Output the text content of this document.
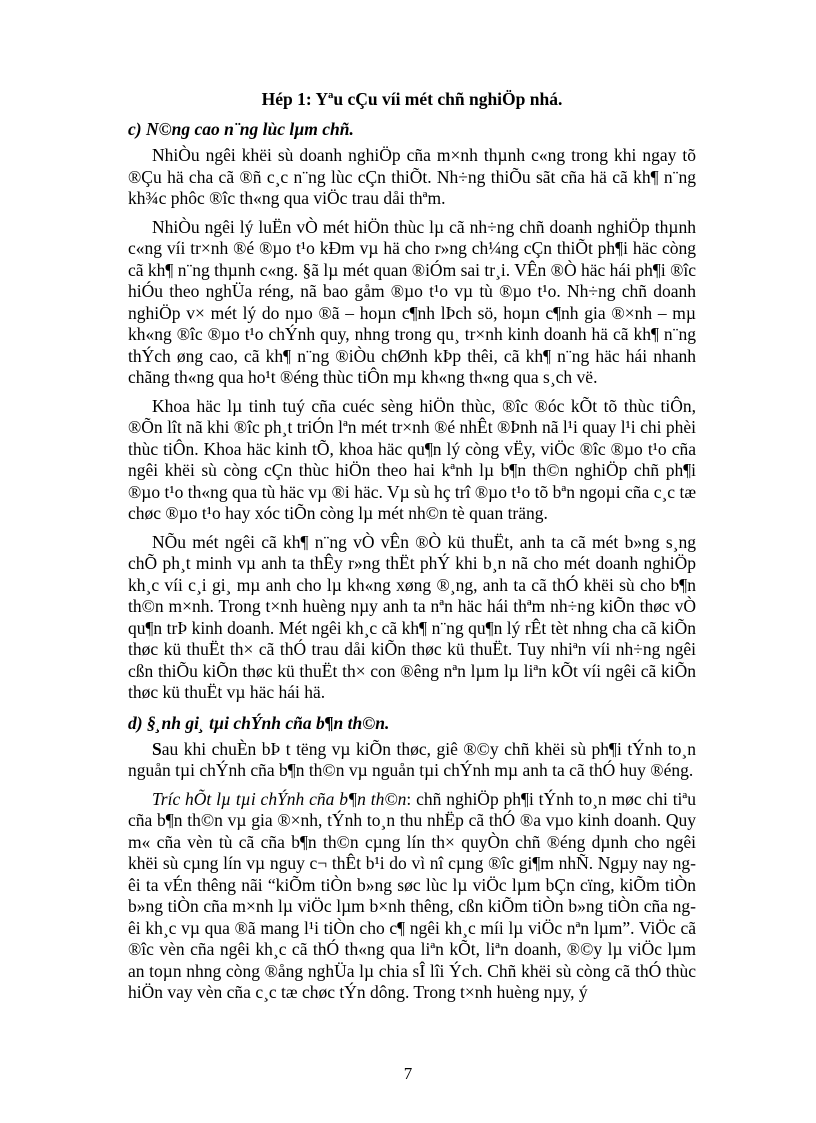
Hép 1: Yªu cÇu víi mét chñ nghiÖp nhá.
c) N©ng cao n¨ng lùc lµm chñ.

NhiÒu ngêi khëi sù doanh nghiÖp cña m×nh thµnh c«ng trong khi ngay tõ ®Çu hä cha cã ®ñ c¸c n¨ng lùc cÇn thiÕt. Nh÷ng thiÕu sãt cña hä cã kh¶ n¨ng kh¾c phôc ®îc th«ng qua viÖc trau dåi thªm.

NhiÒu ngêi lý luËn vÒ mét hiÖn thùc lµ cã nh÷ng chñ doanh nghiÖp thµnh c«ng víi tr×nh ®é ®µo t¹o kÐm vµ hä cho r»ng ch¼ng cÇn thiÕt ph¶i häc còng cã kh¶ n¨ng thµnh c«ng. §ã lµ mét quan ®iÓm sai tr¸i. VÊn ®Ò häc hái ph¶i ®îc hiÓu theo nghÜa réng, nã bao gåm ®µo t¹o vµ tù ®µo t¹o. Nh÷ng chñ doanh nghiÖp v× mét lý do nµo ®ã – hoµn c¶nh lÞch sö, hoµn c¶nh gia ®×nh – mµ kh«ng ®îc ®µo t¹o chÝnh quy, nhng trong qu¸ tr×nh kinh doanh hä cã kh¶ n¨ng thÝch øng cao, cã kh¶ n¨ng ®iÒu chØnh kÞp thêi, cã kh¶ n¨ng häc hái nhanh chãng th«ng qua ho¹t ®éng thùc tiÔn mµ kh«ng th«ng qua s¸ch vë.

Khoa häc lµ tinh tuý cña cuéc sèng hiÖn thùc, ®îc ®óc kÕt tõ thùc tiÔn, ®Õn lît nã khi ®îc ph¸t triÓn lªn mét tr×nh ®é nhÊt ®Þnh nã l¹i quay l¹i chi phèi thùc tiÔn. Khoa häc kinh tÕ, khoa häc qu¶n lý còng vËy, viÖc ®îc ®µo t¹o cña ngêi khëi sù còng cÇn thùc hiÖn theo hai kªnh lµ b¶n th©n nghiÖp chñ ph¶i ®µo t¹o th«ng qua tù häc vµ ®i häc. Vµ sù hç trî ®µo t¹o tõ bªn ngoµi cña c¸c tæ chøc ®µo t¹o hay xóc tiÕn còng lµ mét nh©n tè quan träng.

NÕu mét ngêi cã kh¶ n¨ng vÒ vÊn ®Ò kü thuËt, anh ta cã mét b»ng s¸ng chÕ ph¸t minh vµ anh ta thÊy r»ng thËt phÝ khi b¸n nã cho mét doanh nghiÖp kh¸c víi c¸i gi¸ mµ anh cho lµ kh«ng xøng ®¸ng, anh ta cã thÓ khëi sù cho b¶n th©n m×nh. Trong t×nh huèng nµy anh ta nªn häc hái thªm nh÷ng kiÕn thøc vÒ qu¶n trÞ kinh doanh. Mét ngêi kh¸c cã kh¶ n¨ng qu¶n lý rÊt tèt nhng cha cã kiÕn thøc kü thuËt th× cã thÓ trau dåi kiÕn thøc kü thuËt. Tuy nhiªn víi nh÷ng ngêi cßn thiÕu kiÕn thøc kü thuËt th× con ®êng nªn lµm lµ liªn kÕt víi ngêi cã kiÕn thøc kü thuËt vµ häc hái hä.

d) §¸nh gi¸ tµi chÝnh cña b¶n th©n.

Sau khi chuÈn bÞ t tëng vµ kiÕn thøc, giê ®©y chñ khëi sù ph¶i tÝnh to¸n nguån tµi chÝnh cña b¶n th©n vµ nguån tµi chÝnh mµ anh ta cã thÓ huy ®éng.

Tríc hÕt lµ tµi chÝnh cña b¶n th©n: chñ nghiÖp ph¶i tÝnh to¸n møc chi tiªu cña b¶n th©n vµ gia ®×nh, tÝnh to¸n thu nhËp cã thÓ ®a vµo kinh doanh. Quy m« cña vèn tù cã cña b¶n th©n cµng lín th× quyÒn chñ ®éng dµnh cho ngêi khëi sù cµng lín vµ nguy c¬ thÊt b¹i do vì nî cµng ®îc gi¶m nhÑ. Ngµy nay ngêi ta vÉn thêng nãi “kiÕm tiÒn b»ng søc lùc lµ viÖc lµm bÇn cïng, kiÕm tiÒn b»ng tiÒn cña m×nh lµ viÖc lµm b×nh thêng, cßn kiÕm tiÒn b»ng tiÒn cña ngêi kh¸c vµ qua ®ã mang l¹i tiÒn cho c¶ ngêi kh¸c míi lµ viÖc nªn lµm”. ViÖc cã ®îc vèn cña ngêi kh¸c cã thÓ th«ng qua liªn kÕt, liªn doanh, ®©y lµ viÖc lµm an toµn nhng còng ®ång nghÜa lµ chia sÎ lîi Ých. Chñ khëi sù còng cã thÓ thùc hiÖn vay vèn cña c¸c tæ chøc tÝn dông. Trong t×nh huèng nµy, ý

7
